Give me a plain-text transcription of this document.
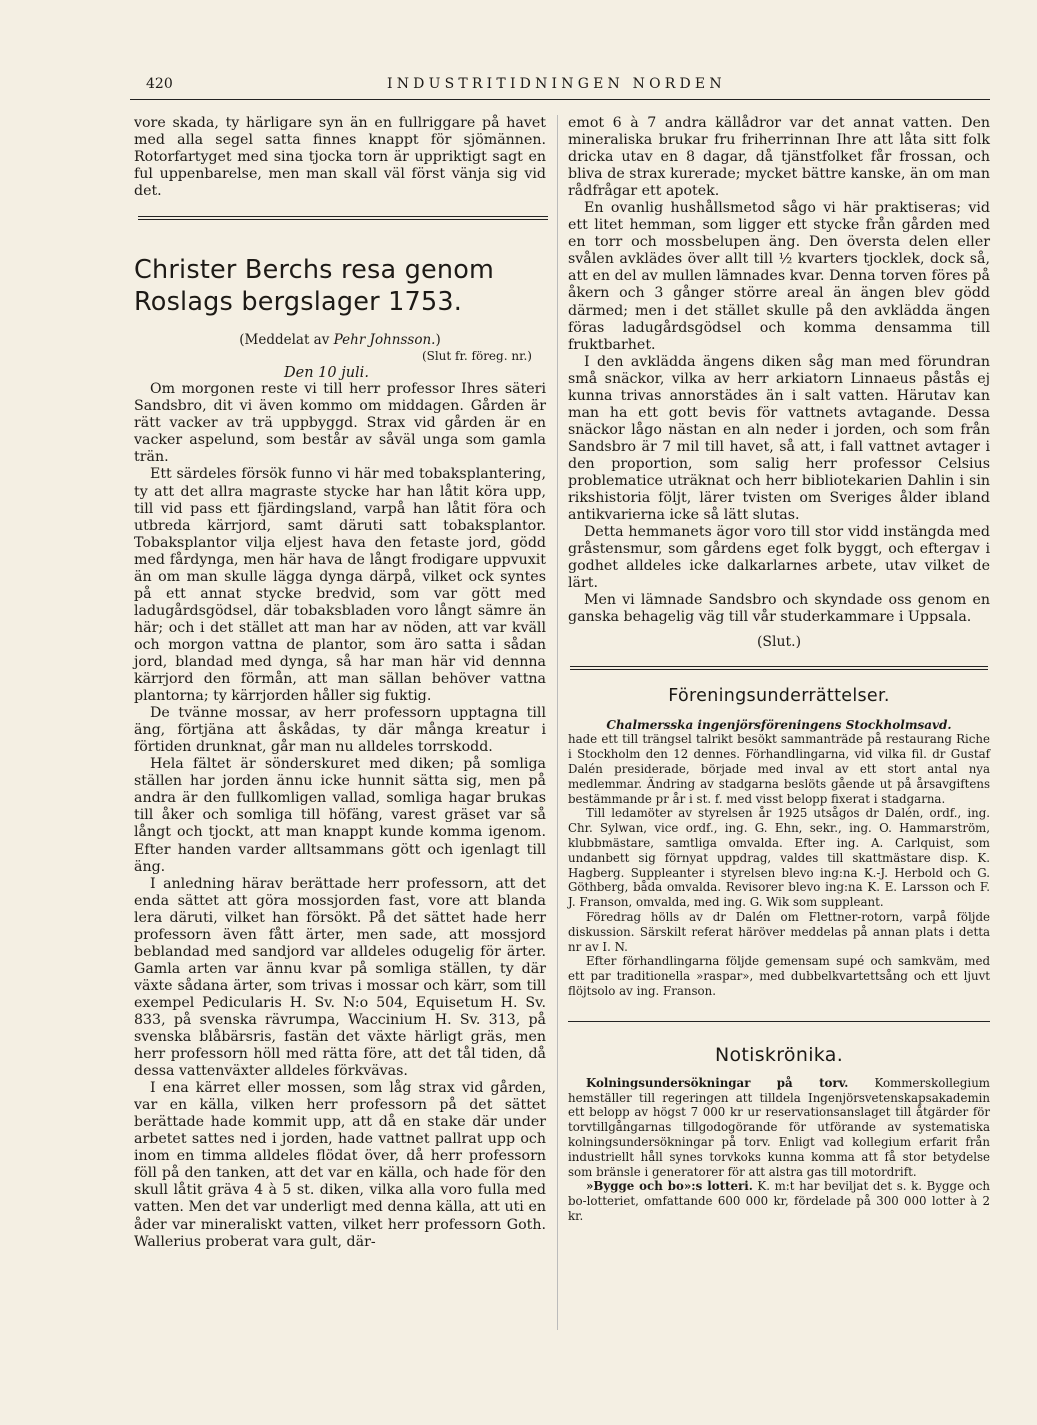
420	INDUSTRITIDNINGEN NORDEN

vore skada, ty härligare syn än en fullriggare på havet med alla segel satta finnes knappt för sjömännen. Rotorfartyget med sina tjocka torn är uppriktigt sagt en ful uppenbarelse, men man skall väl först vänja sig vid det.

Christer Berchs resa genom Roslags bergslager 1753.
(Meddelat av Pehr Johnsson.)
(Slut fr. föreg. nr.)
Den 10 juli.

Om morgonen reste vi till herr professor Ihres säteri Sandsbro, dit vi även kommo om middagen. Gården är rätt vacker av trä uppbyggd. Strax vid gården är en vacker aspelund, som består av såväl unga som gamla trän.

Ett särdeles försök funno vi här med tobaksplantering, ty att det allra magraste stycke har han låtit köra upp, till vid pass ett fjärdingsland, varpå han låtit föra och utbreda kärrjord, samt däruti satt tobaksplantor. Tobaksplantor vilja eljest hava den fetaste jord, gödd med fårdynga, men här hava de långt frodigare uppvuxit än om man skulle lägga dynga därpå, vilket ock syntes på ett annat stycke bredvid, som var gött med ladugårdsgödsel, där tobaksbladen voro långt sämre än här; och i det stället att man har av nöden, att var kväll och morgon vattna de plantor, som äro satta i sådan jord, blandad med dynga, så har man här vid dennna kärrjord den förmån, att man sällan behöver vattna plantorna; ty kärrjorden håller sig fuktig.

De tvänne mossar, av herr professorn upptagna till äng, förtjäna att åskådas, ty där många kreatur i förtiden drunknat, går man nu alldeles torrskodd.

Hela fältet är sönderskuret med diken; på somliga ställen har jorden ännu icke hunnit sätta sig, men på andra är den fullkomligen vallad, somliga hagar brukas till åker och somliga till höfäng, varest gräset var så långt och tjockt, att man knappt kunde komma igenom. Efter handen varder alltsammans gött och igenlagt till äng.

I anledning härav berättade herr professorn, att det enda sättet att göra mossjorden fast, vore att blanda lera däruti, vilket han försökt. På det sättet hade herr professorn även fått ärter, men sade, att mossjord beblandad med sandjord var alldeles odugelig för ärter. Gamla arten var ännu kvar på somliga ställen, ty där växte sådana ärter, som trivas i mossar och kärr, som till exempel Pedicularis H. Sv. N:o 504, Equisetum H. Sv. 833, på svenska rävrumpa, Waccinium H. Sv. 313, på svenska blåbärsris, fastän det växte härligt gräs, men herr professorn höll med rätta före, att det tål tiden, då dessa vattenväxter alldeles förkvävas.

I ena kärret eller mossen, som låg strax vid gården, var en källa, vilken herr professorn på det sättet berättade hade kommit upp, att då en stake där under arbetet sattes ned i jorden, hade vattnet pallrat upp och inom en timma alldeles flödat över, då herr professorn föll på den tanken, att det var en källa, och hade för den skull låtit gräva 4 à 5 st. diken, vilka alla voro fulla med vatten. Men det var underligt med denna källa, att uti en åder var mineraliskt vatten, vilket herr professorn Goth. Wallerius proberat vara gult, där-

emot 6 à 7 andra källådror var det annat vatten. Den mineraliska brukar fru friherrinnan Ihre att låta sitt folk dricka utav en 8 dagar, då tjänstfolket får frossan, och bliva de strax kurerade; mycket bättre kanske, än om man rådfrågar ett apotek.

En ovanlig hushållsmetod sågo vi här praktiseras; vid ett litet hemman, som ligger ett stycke från gården med en torr och mossbelupen äng. Den översta delen eller svålen avklädes över allt till ½ kvarters tjocklek, dock så, att en del av mullen lämnades kvar. Denna torven föres på åkern och 3 gånger större areal än ängen blev gödd därmed; men i det stället skulle på den avklädda ängen föras ladugårdsgödsel och komma densamma till fruktbarhet.

I den avklädda ängens diken såg man med förundran små snäckor, vilka av herr arkiatorn Linnaeus påstås ej kunna trivas annorstädes än i salt vatten. Härutav kan man ha ett gott bevis för vattnets avtagande. Dessa snäckor lågo nästan en aln neder i jorden, och som från Sandsbro är 7 mil till havet, så att, i fall vattnet avtager i den proportion, som salig herr professor Celsius problematice uträknat och herr bibliotekarien Dahlin i sin rikshistoria följt, lärer tvisten om Sveriges ålder ibland antikvarierna icke så lätt slutas.

Detta hemmanets ägor voro till stor vidd instängda med gråstensmur, som gårdens eget folk byggt, och eftergav i godhet alldeles icke dalkarlarnes arbete, utav vilket de lärt.

Men vi lämnade Sandsbro och skyndade oss genom en ganska behagelig väg till vår studerkammare i Uppsala.

(Slut.)
Föreningsunderrättelser.
Chalmersska ingenjörsföreningens Stockholmsavd.

hade ett till trängsel talrikt besökt sammanträde på restaurang Riche i Stockholm den 12 dennes. Förhandlingarna, vid vilka fil. dr Gustaf Dalén presiderade, började med inval av ett stort antal nya medlemmar. Ändring av stadgarna beslöts gående ut på årsavgiftens bestämmande pr år i st. f. med visst belopp fixerat i stadgarna.

Till ledamöter av styrelsen år 1925 utsågos dr Dalén, ordf., ing. Chr. Sylwan, vice ordf., ing. G. Ehn, sekr., ing. O. Hammarström, klubbmästare, samtliga omvalda. Efter ing. A. Carlquist, som undanbett sig förnyat uppdrag, valdes till skattmästare disp. K. Hagberg. Suppleanter i styrelsen blevo ing:na K.-J. Herbold och G. Göthberg, båda omvalda. Revisorer blevo ing:na K. E. Larsson och F. J. Franson, omvalda, med ing. G. Wik som suppleant.

Föredrag hölls av dr Dalén om Flettner-rotorn, varpå följde diskussion. Särskilt referat häröver meddelas på annan plats i detta nr av I. N.

Efter förhandlingarna följde gemensam supé och samkväm, med ett par traditionella »raspar», med dubbelkvartettsång och ett ljuvt flöjtsolo av ing. Franson.

Notiskrönika.

Kolningsundersökningar på torv. Kommerskollegium hemställer till regeringen att tilldela Ingenjörsvetenskapsakademin ett belopp av högst 7 000 kr ur reservationsanslaget till åtgärder för torvtillgångarnas tillgodogörande för utförande av systematiska kolningsundersökningar på torv. Enligt vad kollegium erfarit från industriellt håll synes torvkoks kunna komma att få stor betydelse som bränsle i generatorer för att alstra gas till motordrift.

»Bygge och bo»:s lotteri. K. m:t har beviljat det s. k. Bygge och bo-lotteriet, omfattande 600 000 kr, fördelade på 300 000 lotter à 2 kr.
